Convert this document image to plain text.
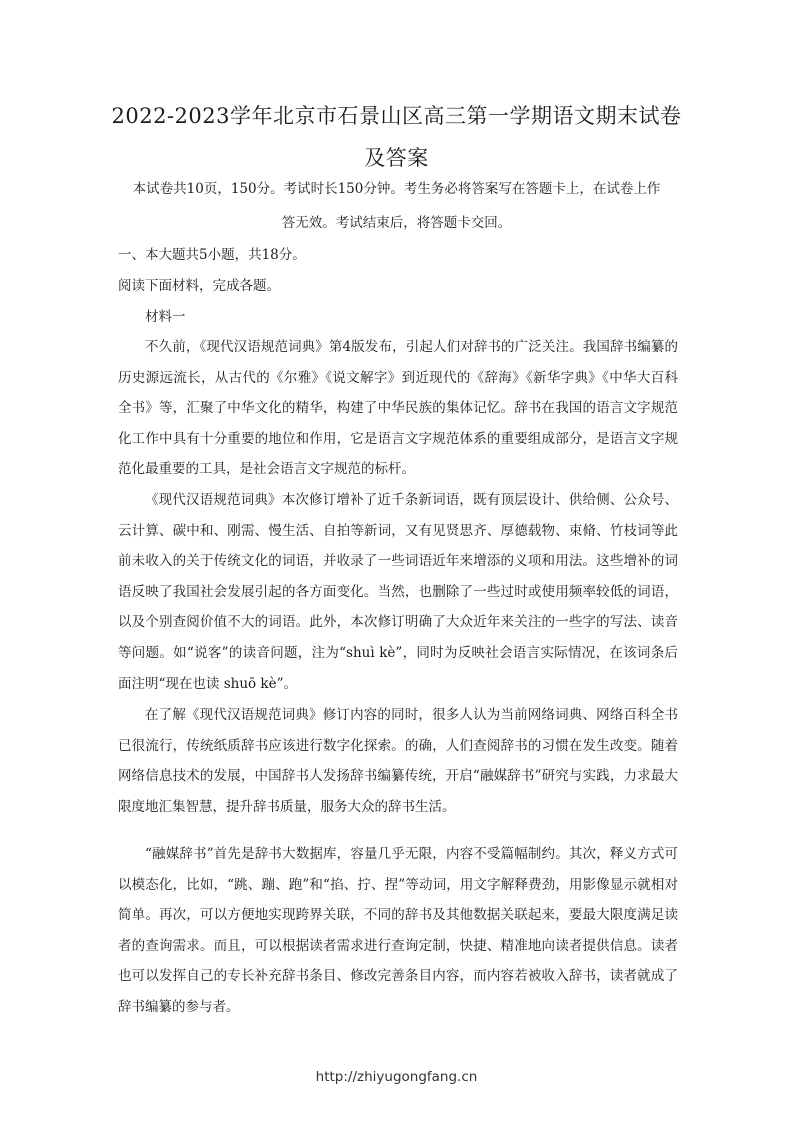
2022-2023学年北京市石景山区高三第一学期语文期末试卷
及答案

本试卷共10页，150分。考试时长150分钟。考生务必将答案写在答题卡上，在试卷上作

答无效。考试结束后，将答题卡交回。

一、本大题共5小题，共18分。

阅读下面材料，完成各题。

材料一

不久前，《现代汉语规范词典》第4版发布，引起人们对辞书的广泛关注。我国辞书编纂的历史源远流长，从古代的《尔雅》《说文解字》到近现代的《辞海》《新华字典》《中华大百科全书》等，汇聚了中华文化的精华，构建了中华民族的集体记忆。辞书在我国的语言文字规范化工作中具有十分重要的地位和作用，它是语言文字规范体系的重要组成部分，是语言文字规范化最重要的工具，是社会语言文字规范的标杆。

《现代汉语规范词典》本次修订增补了近千条新词语，既有顶层设计、供给侧、公众号、云计算、碳中和、刚需、慢生活、自拍等新词，又有见贤思齐、厚德载物、束脩、竹枝词等此前未收入的关于传统文化的词语，并收录了一些词语近年来增添的义项和用法。这些增补的词语反映了我国社会发展引起的各方面变化。当然，也删除了一些过时或使用频率较低的词语，以及个别查阅价值不大的词语。此外，本次修订明确了大众近年来关注的一些字的写法、读音等问题。如“说客”的读音问题，注为“shuì kè”，同时为反映社会语言实际情况，在该词条后面注明“现在也读 shuō kè”。

在了解《现代汉语规范词典》修订内容的同时，很多人认为当前网络词典、网络百科全书已很流行，传统纸质辞书应该进行数字化探索。的确，人们查阅辞书的习惯在发生改变。随着网络信息技术的发展，中国辞书人发扬辞书编纂传统，开启“融媒辞书”研究与实践，力求最大限度地汇集智慧，提升辞书质量，服务大众的辞书生活。

“融媒辞书”首先是辞书大数据库，容量几乎无限，内容不受篇幅制约。其次，释义方式可以模态化，比如，“跳、蹦、跑”和“掐、拧、捏”等动词，用文字解释费劲，用影像显示就相对简单。再次，可以方便地实现跨界关联，不同的辞书及其他数据关联起来，要最大限度满足读者的查询需求。而且，可以根据读者需求进行查询定制，快捷、精准地向读者提供信息。读者也可以发挥自己的专长补充辞书条目、修改完善条目内容，而内容若被收入辞书，读者就成了辞书编纂的参与者。

http://zhiyugongfang.cn
